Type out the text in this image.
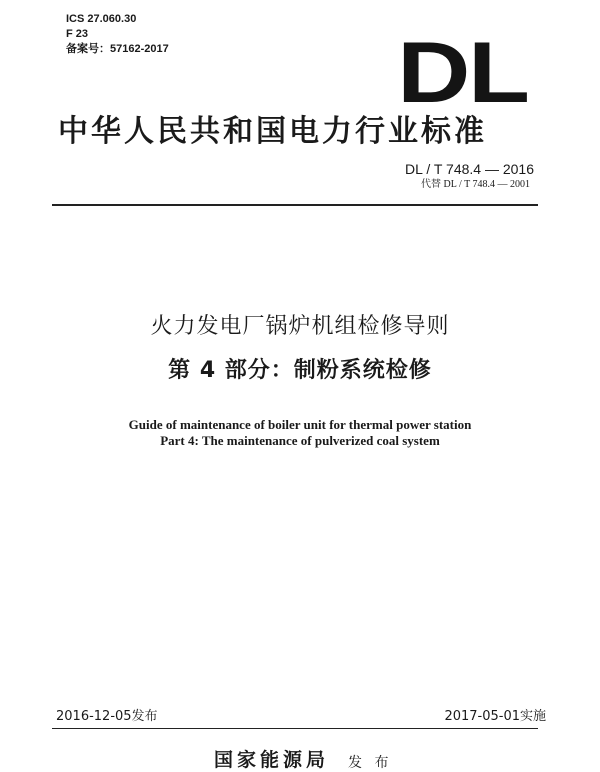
ICS 27.060.30
F 23
备案号：57162-2017	DL
中华人民共和国电力行业标准
DL / T 748.4 — 2016
代替 DL / T 748.4 — 2001
火力发电厂锅炉机组检修导则
第 4 部分：制粉系统检修
Guide of maintenance of boiler unit for thermal power station
Part 4: The maintenance of pulverized coal system
2016-12-05发布	2017-05-01实施
国家能源局 发 布
